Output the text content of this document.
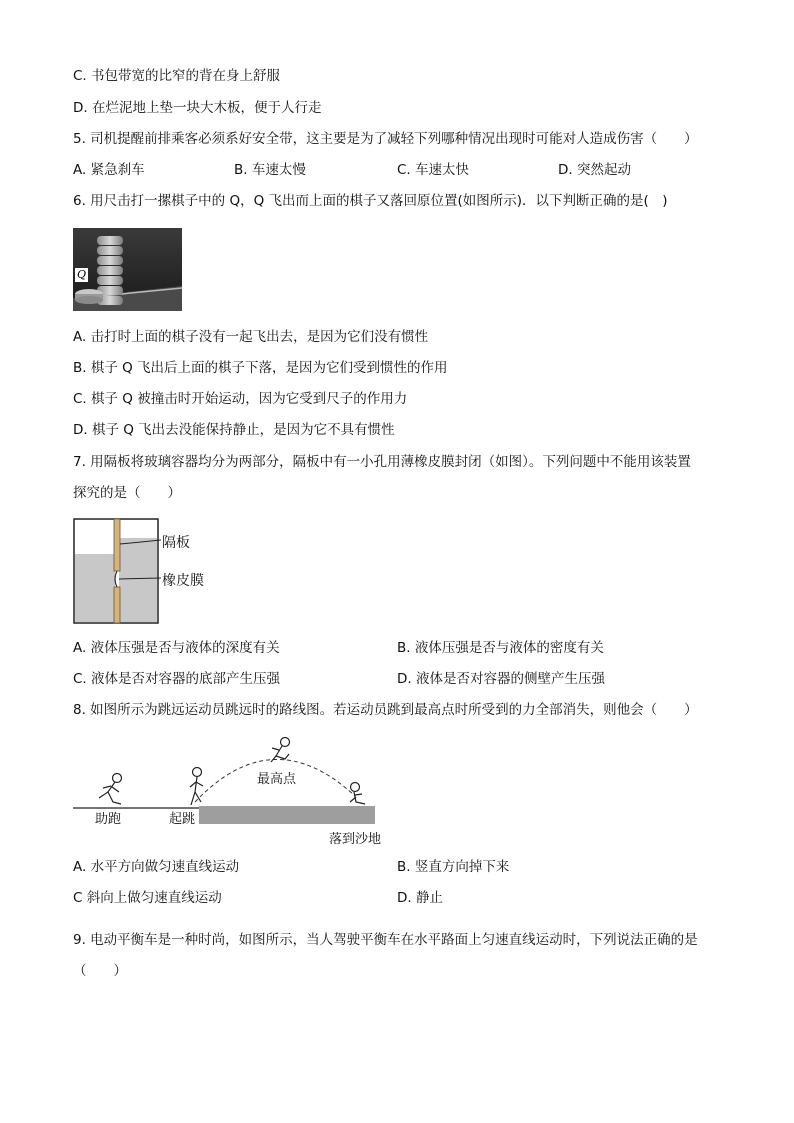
C. 书包带宽的比窄的背在身上舒服
D. 在烂泥地上垫一块大木板，便于人行走
5. 司机提醒前排乘客必须系好安全带，这主要是为了减轻下列哪种情况出现时可能对人造成伤害（　　）
A. 紧急刹车	B. 车速太慢	C. 车速太快	D. 突然起动
6. 用尺击打一摞棋子中的 Q，Q 飞出而上面的棋子又落回原位置(如图所示)．以下判断正确的是(　)
Q
A. 击打时上面的棋子没有一起飞出去，是因为它们没有惯性
B. 棋子 Q 飞出后上面的棋子下落，是因为它们受到惯性的作用
C. 棋子 Q 被撞击时开始运动，因为它受到尺子的作用力
D. 棋子 Q 飞出去没能保持静止，是因为它不具有惯性
7. 用隔板将玻璃容器均分为两部分，隔板中有一小孔用薄橡皮膜封闭（如图）。下列问题中不能用该装置
探究的是（　　）
隔板
橡皮膜
A. 液体压强是否与液体的深度有关	B. 液体压强是否与液体的密度有关
C. 液体是否对容器的底部产生压强	D. 液体是否对容器的侧壁产生压强
8. 如图所示为跳远运动员跳远时的路线图。若运动员跳到最高点时所受到的力全部消失，则他会（　　）
助跑	起跳
最高点
落到沙地
A. 水平方向做匀速直线运动	B. 竖直方向掉下来
C 斜向上做匀速直线运动	D. 静止
9. 电动平衡车是一种时尚，如图所示，当人驾驶平衡车在水平路面上匀速直线运动时，下列说法正确的是
（　　）
